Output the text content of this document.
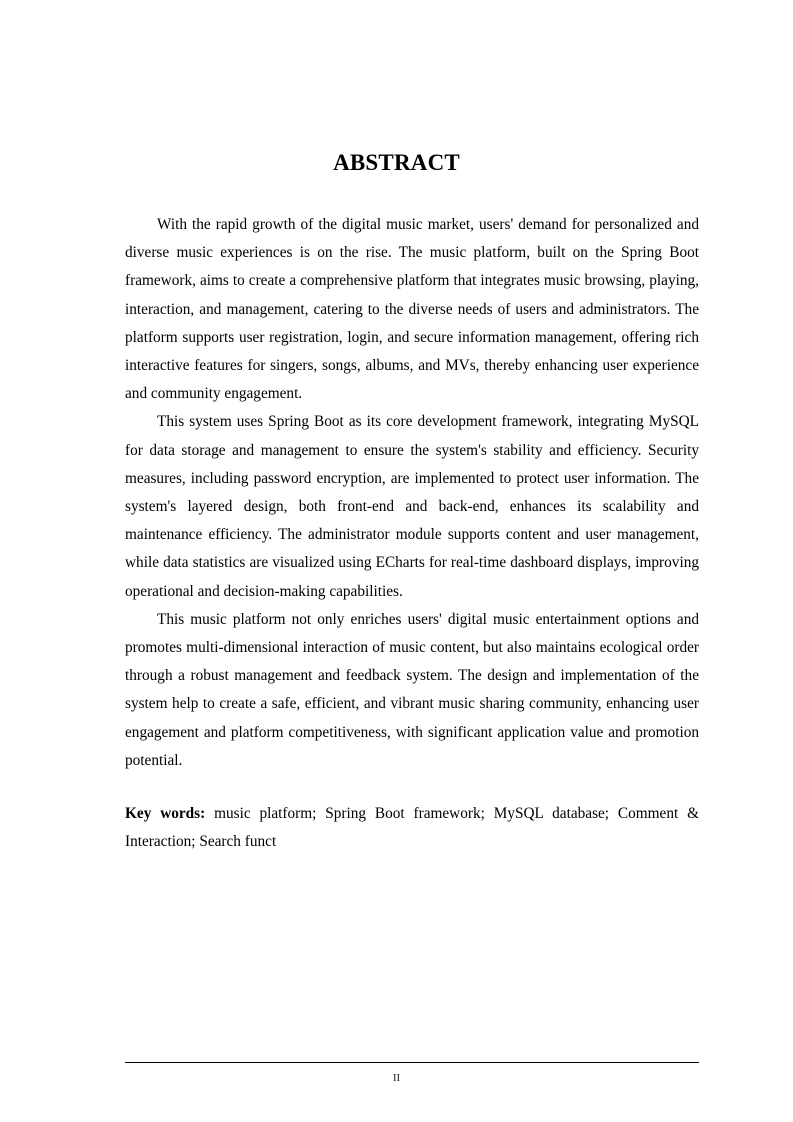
ABSTRACT

With the rapid growth of the digital music market, users' demand for personalized and diverse music experiences is on the rise. The music platform, built on the Spring Boot framework, aims to create a comprehensive platform that integrates music browsing, playing, interaction, and management, catering to the diverse needs of users and administrators. The platform supports user registration, login, and secure information management, offering rich interactive features for singers, songs, albums, and MVs, thereby enhancing user experience and community engagement.

This system uses Spring Boot as its core development framework, integrating MySQL for data storage and management to ensure the system's stability and efficiency. Security measures, including password encryption, are implemented to protect user information. The system's layered design, both front-end and back-end, enhances its scalability and maintenance efficiency. The administrator module supports content and user management, while data statistics are visualized using ECharts for real-time dashboard displays, improving operational and decision-making capabilities.

This music platform not only enriches users' digital music entertainment options and promotes multi-dimensional interaction of music content, but also maintains ecological order through a robust management and feedback system. The design and implementation of the system help to create a safe, efficient, and vibrant music sharing community, enhancing user engagement and platform competitiveness, with significant application value and promotion potential.

Key words: music platform; Spring Boot framework; MySQL database; Comment & Interaction; Search funct

II
